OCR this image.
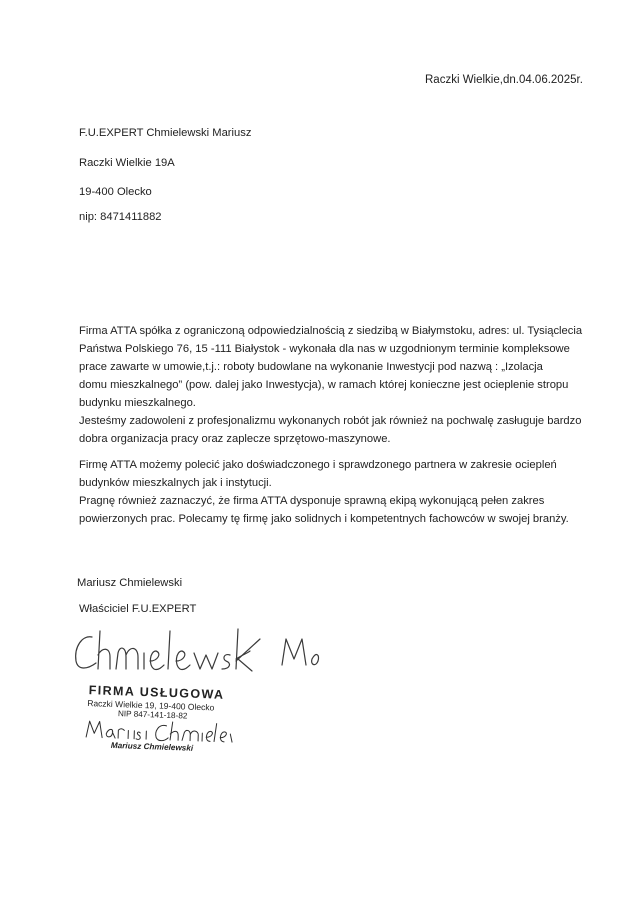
Raczki Wielkie,dn.04.06.2025r.
F.U.EXPERT Chmielewski Mariusz
Raczki Wielkie 19A
19-400 Olecko
nip: 8471411882
Firma ATTA spółka z ograniczoną odpowiedzialnością z siedzibą w Białymstoku, adres: ul. Tysiąclecia
Państwa Polskiego 76, 15 -111 Białystok - wykonała dla nas w uzgodnionym terminie kompleksowe
prace zawarte w umowie,t.j.: roboty budowlane na wykonanie Inwestycji pod nazwą : „Izolacja
domu mieszkalnego” (pow. dalej jako Inwestycja), w ramach której konieczne jest ocieplenie stropu
budynku mieszkalnego.
Jesteśmy zadowoleni z profesjonalizmu wykonanych robót jak również na pochwalę zasługuje bardzo
dobra organizacja pracy oraz zaplecze sprzętowo-maszynowe.
Firmę ATTA możemy polecić jako doświadczonego i sprawdzonego partnera w zakresie ociepleń
budynków mieszkalnych jak i instytucji.
Pragnę również zaznaczyć, że firma ATTA dysponuje sprawną ekipą wykonującą pełen zakres
powierzonych prac. Polecamy tę firmę jako solidnych i kompetentnych fachowców w swojej branży.
Mariusz Chmielewski
Właściciel F.U.EXPERT
FIRMA USŁUGOWA
Raczki Wielkie 19, 19-400 Olecko
NIP 847-141-18-82
Mariusz Chmielewski
